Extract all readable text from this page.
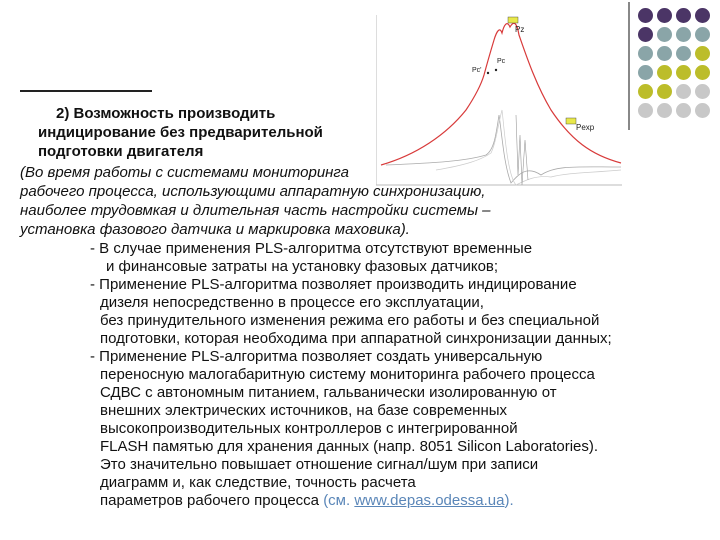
Pz
Pc
Pc'
Pexp
2) Возможность производить
индицирование без предварительной
подготовки двигателя
(Во время работы с системами мониторинга
рабочего процесса, использующими аппаратную синхронизацию,
наиболее трудовмкая и длительная часть настройки системы –
установка фазового датчика и маркировка маховика).
- В случае применения PLS-алгоритма отсутствуют временные
и финансовые затраты на установку фазовых датчиков;
- Применение PLS-алгоритма позволяет производить индицирование
дизеля непосредственно в процессе его эксплуатации,
без принудительного изменения режима его работы и без специальной
подготовки, которая необходима при аппаратной синхронизации данных;
- Применение PLS-алгоритма позволяет создать универсальную
переносную малогабаритную систему мониторинга рабочего процесса
СДВС с автономным питанием, гальванически изолированную от
внешних электрических источников, на базе современных
высокопроизводительных контроллеров с интегрированной
FLASH памятью для хранения данных (напр. 8051 Silicon Laboratories).
Это значительно повышает отношение сигнал/шум при записи
диаграмм и, как следствие, точность расчета
параметров рабочего процесса (см. www.depas.odessa.ua).
